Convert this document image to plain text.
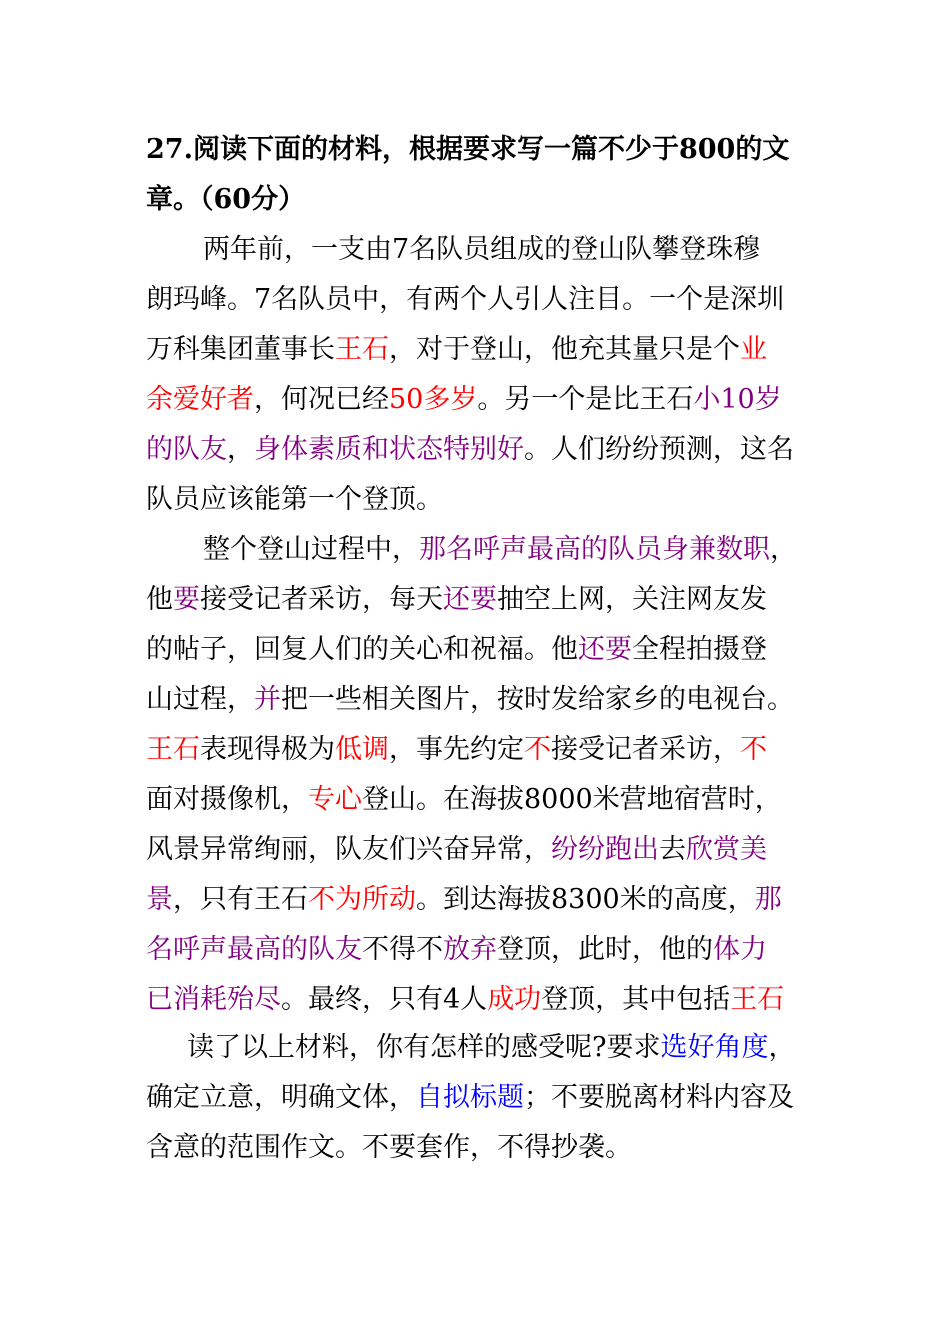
27.阅读下面的材料，根据要求写一篇不少于800的文
章。（60分）
两年前，一支由7名队员组成的登山队攀登珠穆
朗玛峰。7名队员中，有两个人引人注目。一个是深圳
万科集团董事长王石，对于登山，他充其量只是个业
余爱好者，何况已经50多岁。另一个是比王石小10岁
的队友，身体素质和状态特别好。人们纷纷预测，这名
队员应该能第一个登顶。
整个登山过程中，那名呼声最高的队员身兼数职，
他要接受记者采访，每天还要抽空上网，关注网友发
的帖子，回复人们的关心和祝福。他还要全程拍摄登
山过程，并把一些相关图片，按时发给家乡的电视台。
王石表现得极为低调，事先约定不接受记者采访，不
面对摄像机，专心登山。在海拔8000米营地宿营时，
风景异常绚丽，队友们兴奋异常，纷纷跑出去欣赏美
景，只有王石不为所动。到达海拔8300米的高度，那
名呼声最高的队友不得不放弃登顶，此时，他的体力
已消耗殆尽。最终，只有4人成功登顶，其中包括王石
读了以上材料，你有怎样的感受呢?要求选好角度，
确定立意，明确文体，自拟标题；不要脱离材料内容及
含意的范围作文。不要套作，不得抄袭。
